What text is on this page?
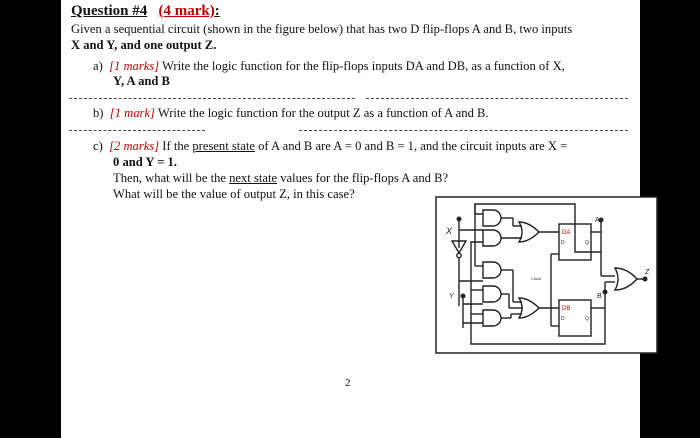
Question #4 (4 mark):
Given a sequential circuit (shown in the figure below) that has two D flip-flops A and B, two inputs
X and Y, and one output Z.
a) [1 marks] Write the logic function for the flip-flops inputs DA and DB, as a function of X,
Y, A and B
b) [1 mark] Write the logic function for the output Z as a function of A and B.
c) [2 marks] If the present state of A and B are A = 0 and B = 1, and the circuit inputs are X =
0 and Y = 1.
Then, what will be the next state values for the flip-flops A and B?
What will be the value of output Z, in this case?
X
Y
DA
D	Q
DB
D	Q
A
B
Clock
Z
2
